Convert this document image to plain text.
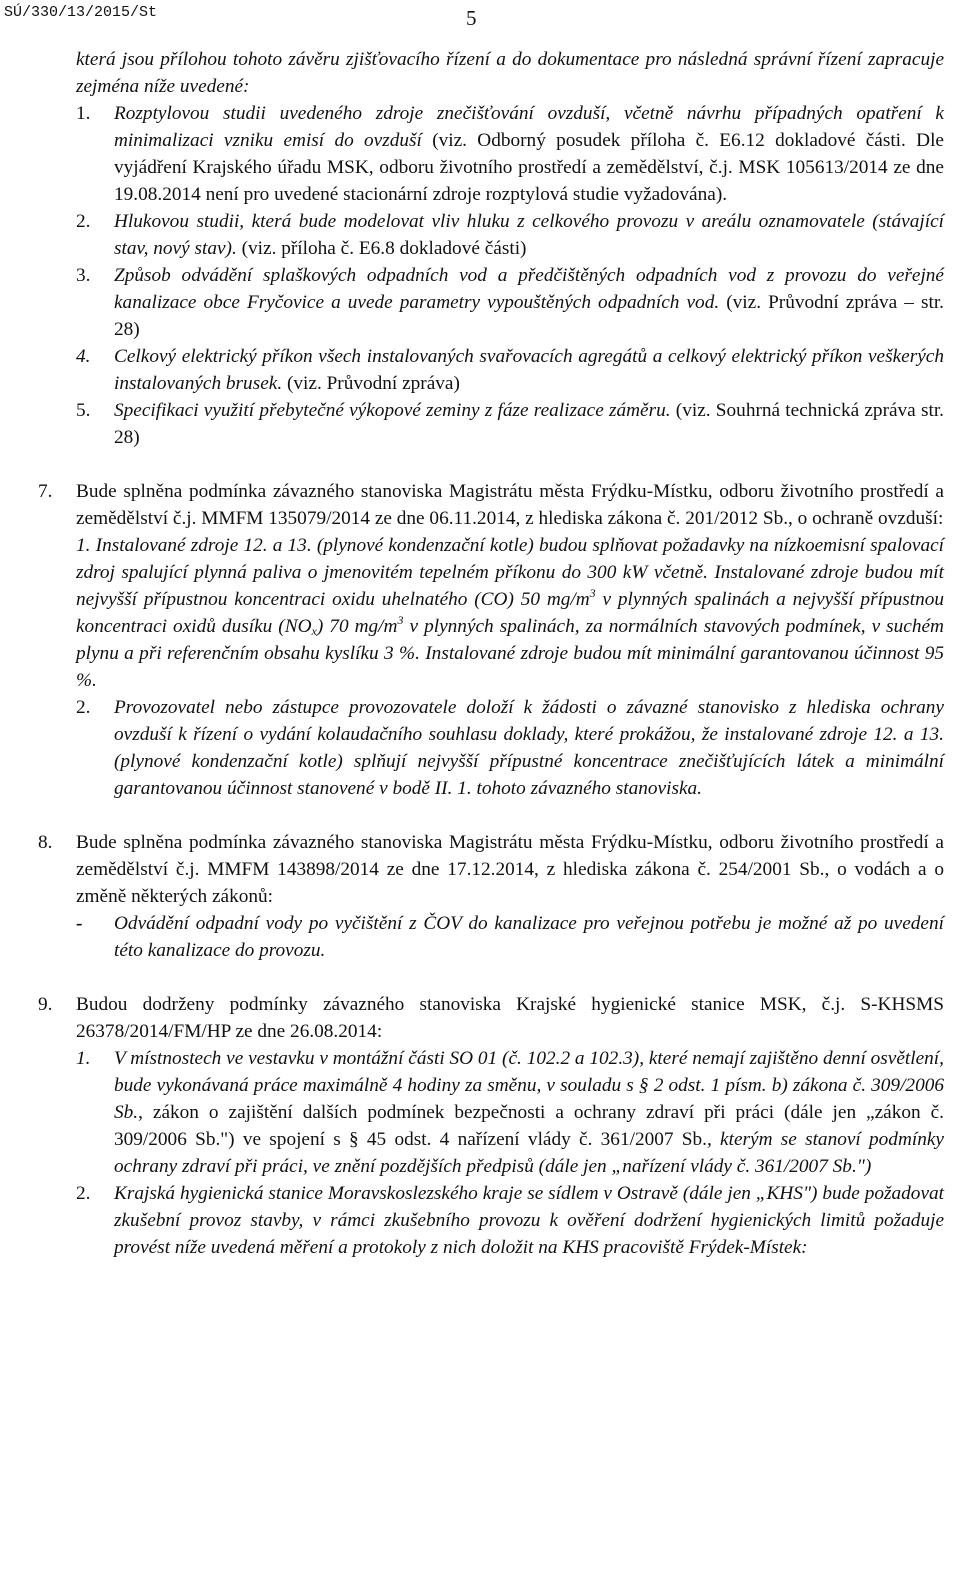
SÚ/330/13/2015/St	5

která jsou přílohou tohoto závěru zjišťovacího řízení a do dokumentace pro následná správní řízení zapracuje zejména níže uvedené:

1. Rozptylovou studii uvedeného zdroje znečišťování ovzduší, včetně návrhu případných opatření k minimalizaci vzniku emisí do ovzduší (viz. Odborný posudek příloha č. E6.12 dokladové části. Dle vyjádření Krajského úřadu MSK, odboru životního prostředí a zemědělství, č.j. MSK 105613/2014 ze dne 19.08.2014 není pro uvedené stacionární zdroje rozptylová studie vyžadována).

2. Hlukovou studii, která bude modelovat vliv hluku z celkového provozu v areálu oznamovatele (stávající stav, nový stav). (viz. příloha č. E6.8 dokladové části)

3. Způsob odvádění splaškových odpadních vod a předčištěných odpadních vod z provozu do veřejné kanalizace obce Fryčovice a uvede parametry vypouštěných odpadních vod. (viz. Průvodní zpráva – str. 28)

4. Celkový elektrický příkon všech instalovaných svařovacích agregátů a celkový elektrický příkon veškerých instalovaných brusek. (viz. Průvodní zpráva)

5. Specifikaci využití přebytečné výkopové zeminy z fáze realizace záměru. (viz. Souhrná technická zpráva str. 28)

7. Bude splněna podmínka závazného stanoviska Magistrátu města Frýdku-Místku, odboru životního prostředí a zemědělství č.j. MMFM 135079/2014 ze dne 06.11.2014, z hlediska zákona č. 201/2012 Sb., o ochraně ovzduší:

1. Instalované zdroje 12. a 13. (plynové kondenzační kotle) budou splňovat požadavky na nízkoemisní spalovací zdroj spalující plynná paliva o jmenovitém tepelném příkonu do 300 kW včetně. Instalované zdroje budou mít nejvyšší přípustnou koncentraci oxidu uhelnatého (CO) 50 $mg/m^3$ v plynných spalinách a nejvyšší přípustnou koncentraci oxidů dusíku $(NO_x)$ 70 $mg/m^3$ v plynných spalinách, za normálních stavových podmínek, v suchém plynu a při referenčním obsahu kyslíku 3 %. Instalované zdroje budou mít minimální garantovanou účinnost 95 %.

2. Provozovatel nebo zástupce provozovatele doloží k žádosti o závazné stanovisko z hlediska ochrany ovzduší k řízení o vydání kolaudačního souhlasu doklady, které prokážou, že instalované zdroje 12. a 13. (plynové kondenzační kotle) splňují nejvyšší přípustné koncentrace znečišťujících látek a minimální garantovanou účinnost stanovené v bodě II. 1. tohoto závazného stanoviska.

8. Bude splněna podmínka závazného stanoviska Magistrátu města Frýdku-Místku, odboru životního prostředí a zemědělství č.j. MMFM 143898/2014 ze dne 17.12.2014, z hlediska zákona č. 254/2001 Sb., o vodách a o změně některých zákonů:

- Odvádění odpadní vody po vyčištění z ČOV do kanalizace pro veřejnou potřebu je možné až po uvedení této kanalizace do provozu.

9. Budou dodrženy podmínky závazného stanoviska Krajské hygienické stanice MSK, č.j. S-KHSMS 26378/2014/FM/HP ze dne 26.08.2014:

1. V místnostech ve vestavku v montážní části SO 01 (č. 102.2 a 102.3), které nemají zajištěno denní osvětlení, bude vykonávaná práce maximálně 4 hodiny za směnu, v souladu s § 2 odst. 1 písm. b) zákona č. 309/2006 Sb., zákon o zajištění dalších podmínek bezpečnosti a ochrany zdraví při práci (dále jen „zákon č. 309/2006 Sb.") ve spojení s § 45 odst. 4 nařízení vlády č. 361/2007 Sb., kterým se stanoví podmínky ochrany zdraví při práci, ve znění pozdějších předpisů (dále jen „nařízení vlády č. 361/2007 Sb.")

2. Krajská hygienická stanice Moravskoslezského kraje se sídlem v Ostravě (dále jen „KHS") bude požadovat zkušební provoz stavby, v rámci zkušebního provozu k ověření dodržení hygienických limitů požaduje provést níže uvedená měření a protokoly z nich doložit na KHS pracoviště Frýdek-Místek:
